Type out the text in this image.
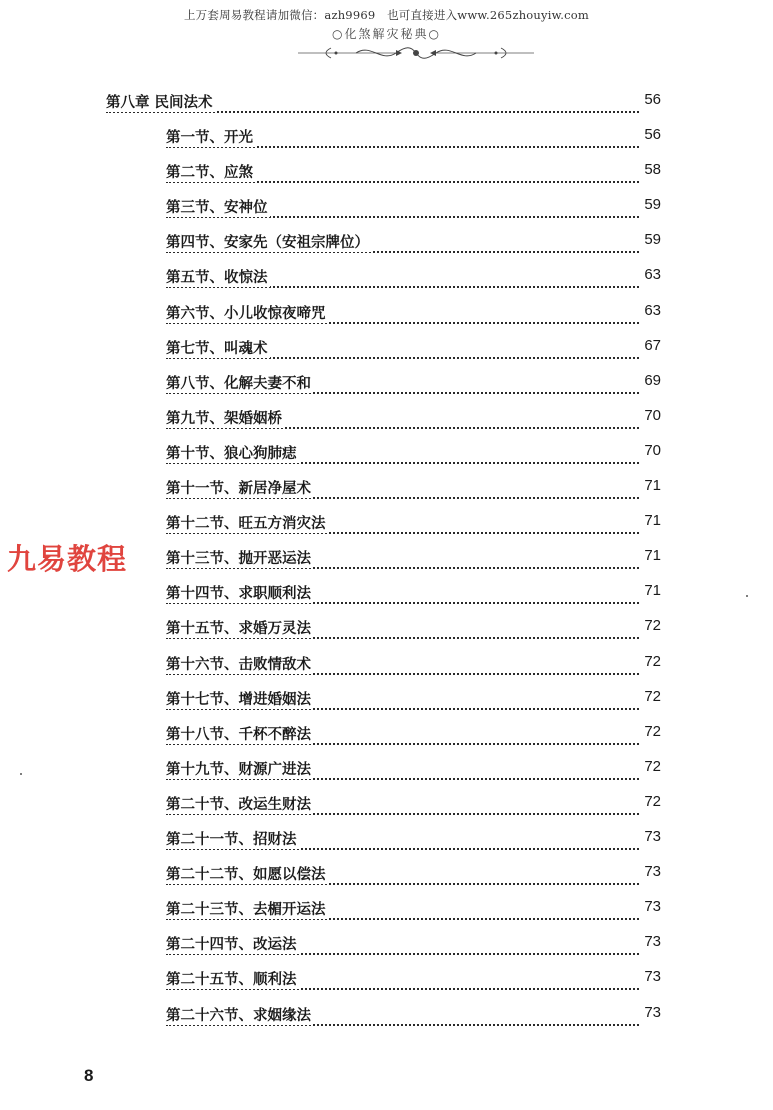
上万套周易教程请加微信：azh9969　也可直接进入www.265zhouyiw.com
○化煞解灾秘典○
九易教程
第八章 民间法术	56
第一节、开光	56
第二节、应煞	58
第三节、安神位	59
第四节、安家先（安祖宗牌位）	59
第五节、收惊法	63
第六节、小儿收惊夜啼咒	63
第七节、叫魂术	67
第八节、化解夫妻不和	69
第九节、架婚姻桥	70
第十节、狼心狗肺痣	70
第十一节、新居净屋术	71
第十二节、旺五方消灾法	71
第十三节、抛开恶运法	71
第十四节、求职顺利法	71
第十五节、求婚万灵法	72
第十六节、击败情敌术	72
第十七节、增进婚姻法	72
第十八节、千杯不醉法	72
第十九节、财源广进法	72
第二十节、改运生财法	72
第二十一节、招财法	73
第二十二节、如愿以偿法	73
第二十三节、去楣开运法	73
第二十四节、改运法	73
第二十五节、顺利法	73
第二十六节、求姻缘法	73
8
